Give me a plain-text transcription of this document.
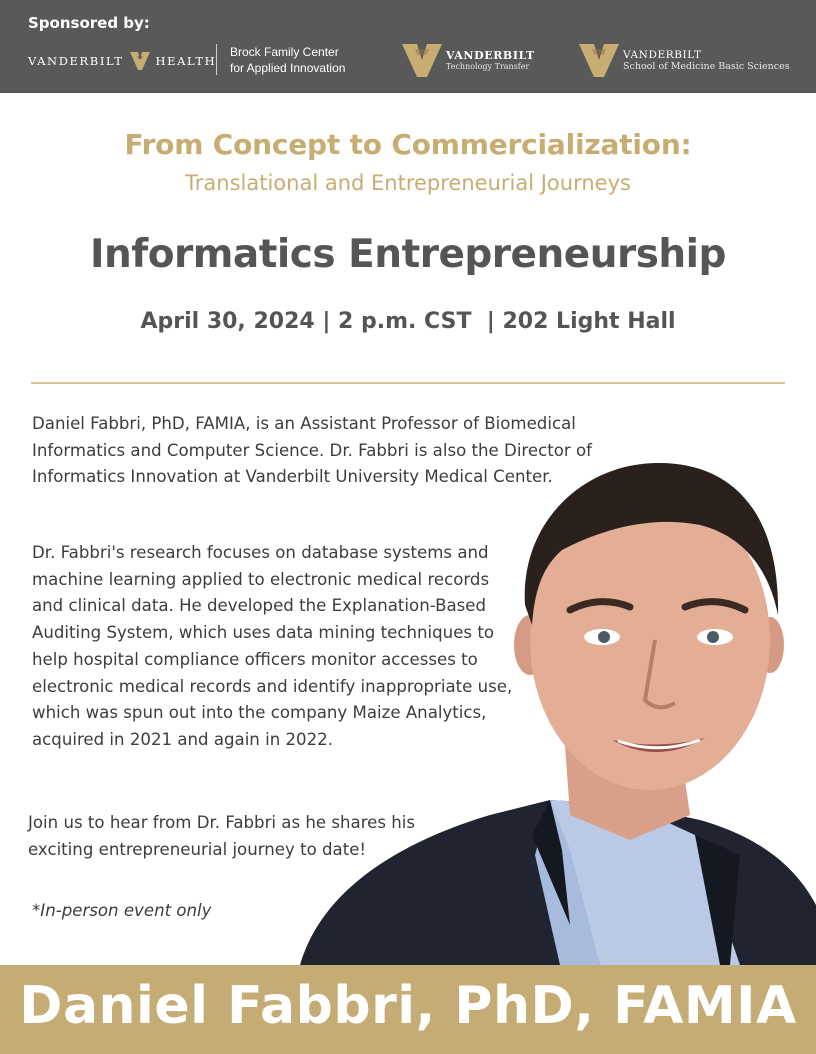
Sponsored by:
VANDERBILT	HEALTH
Brock Family Center
for Applied Innovation
VANDERBILT
Technology Transfer
VANDERBILT
School of Medicine Basic Sciences
From Concept to Commercialization:
Translational and Entrepreneurial Journeys
Informatics Entrepreneurship
April 30, 2024 | 2 p.m. CST  | 202 Light Hall
Daniel Fabbri, PhD, FAMIA, is an Assistant Professor of Biomedical Informatics and Computer Science. Dr. Fabbri is also the Director of Informatics Innovation at Vanderbilt University Medical Center.
Dr. Fabbri's research focuses on database systems and machine learning applied to electronic medical records and clinical data. He developed the Explanation-Based Auditing System, which uses data mining techniques to help hospital compliance officers monitor accesses to electronic medical records and identify inappropriate use, which was spun out into the company Maize Analytics, acquired in 2021 and again in 2022.
Join us to hear from Dr. Fabbri as he shares his exciting entrepreneurial journey to date!
*In-person event only
Daniel Fabbri, PhD, FAMIA
